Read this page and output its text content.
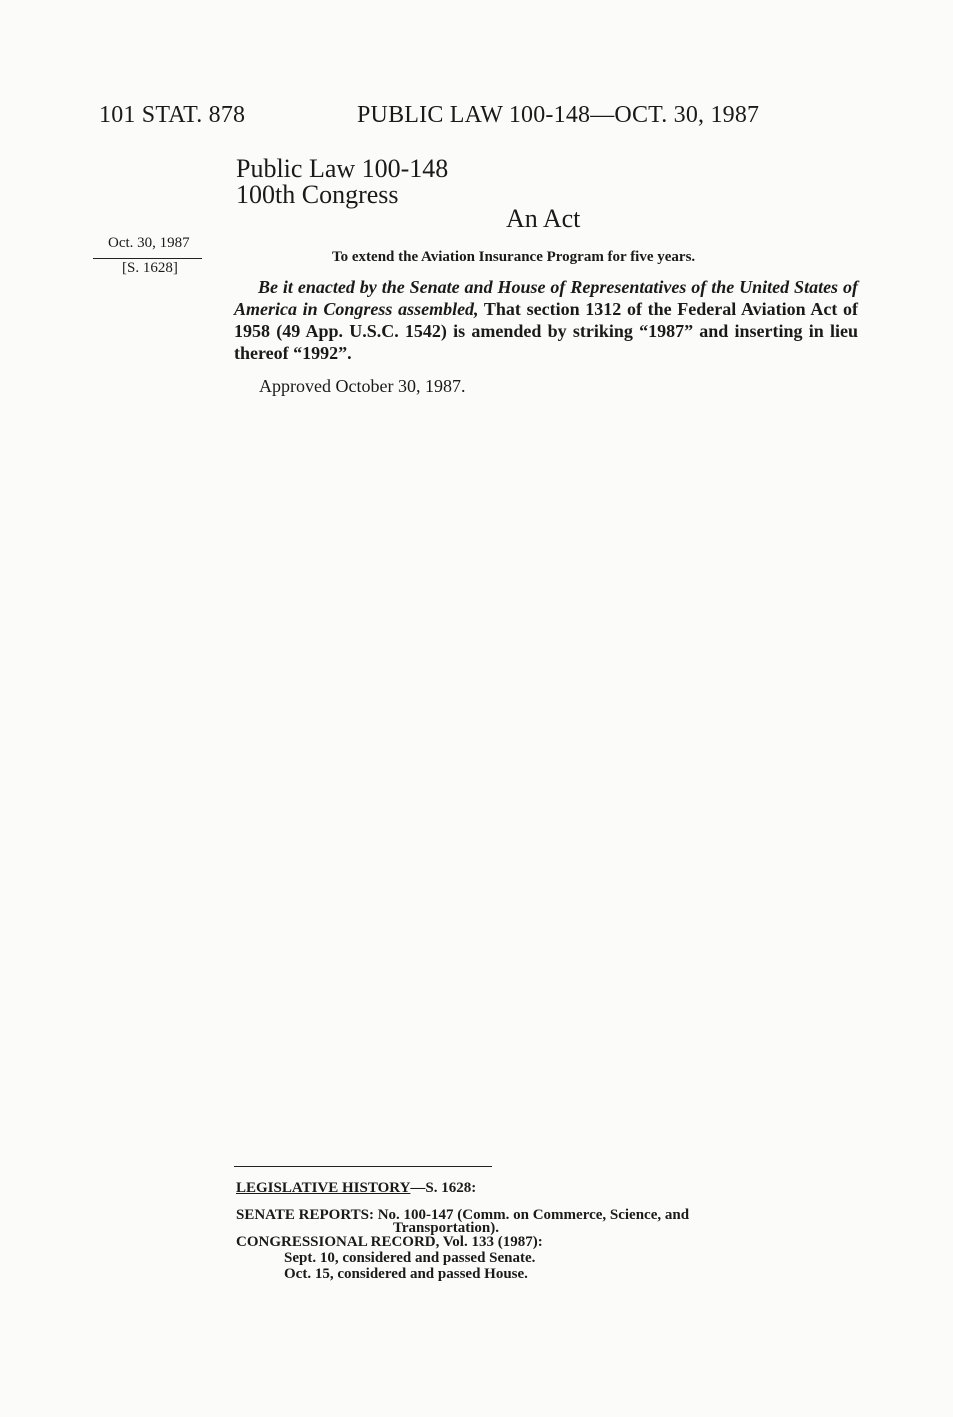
101 STAT. 878	PUBLIC LAW 100-148—OCT. 30, 1987
Public Law 100-148
100th Congress
An Act
Oct. 30, 1987
[S. 1628]
To extend the Aviation Insurance Program for five years.
Be it enacted by the Senate and House of Representatives of the United States of America in Congress assembled, That section 1312 of the Federal Aviation Act of 1958 (49 App. U.S.C. 1542) is amended by striking “1987” and inserting in lieu thereof “1992”.
Approved October 30, 1987.
LEGISLATIVE HISTORY—S. 1628:
SENATE REPORTS: No. 100-147 (Comm. on Commerce, Science, and
Transportation).
CONGRESSIONAL RECORD, Vol. 133 (1987):
Sept. 10, considered and passed Senate.
Oct. 15, considered and passed House.
